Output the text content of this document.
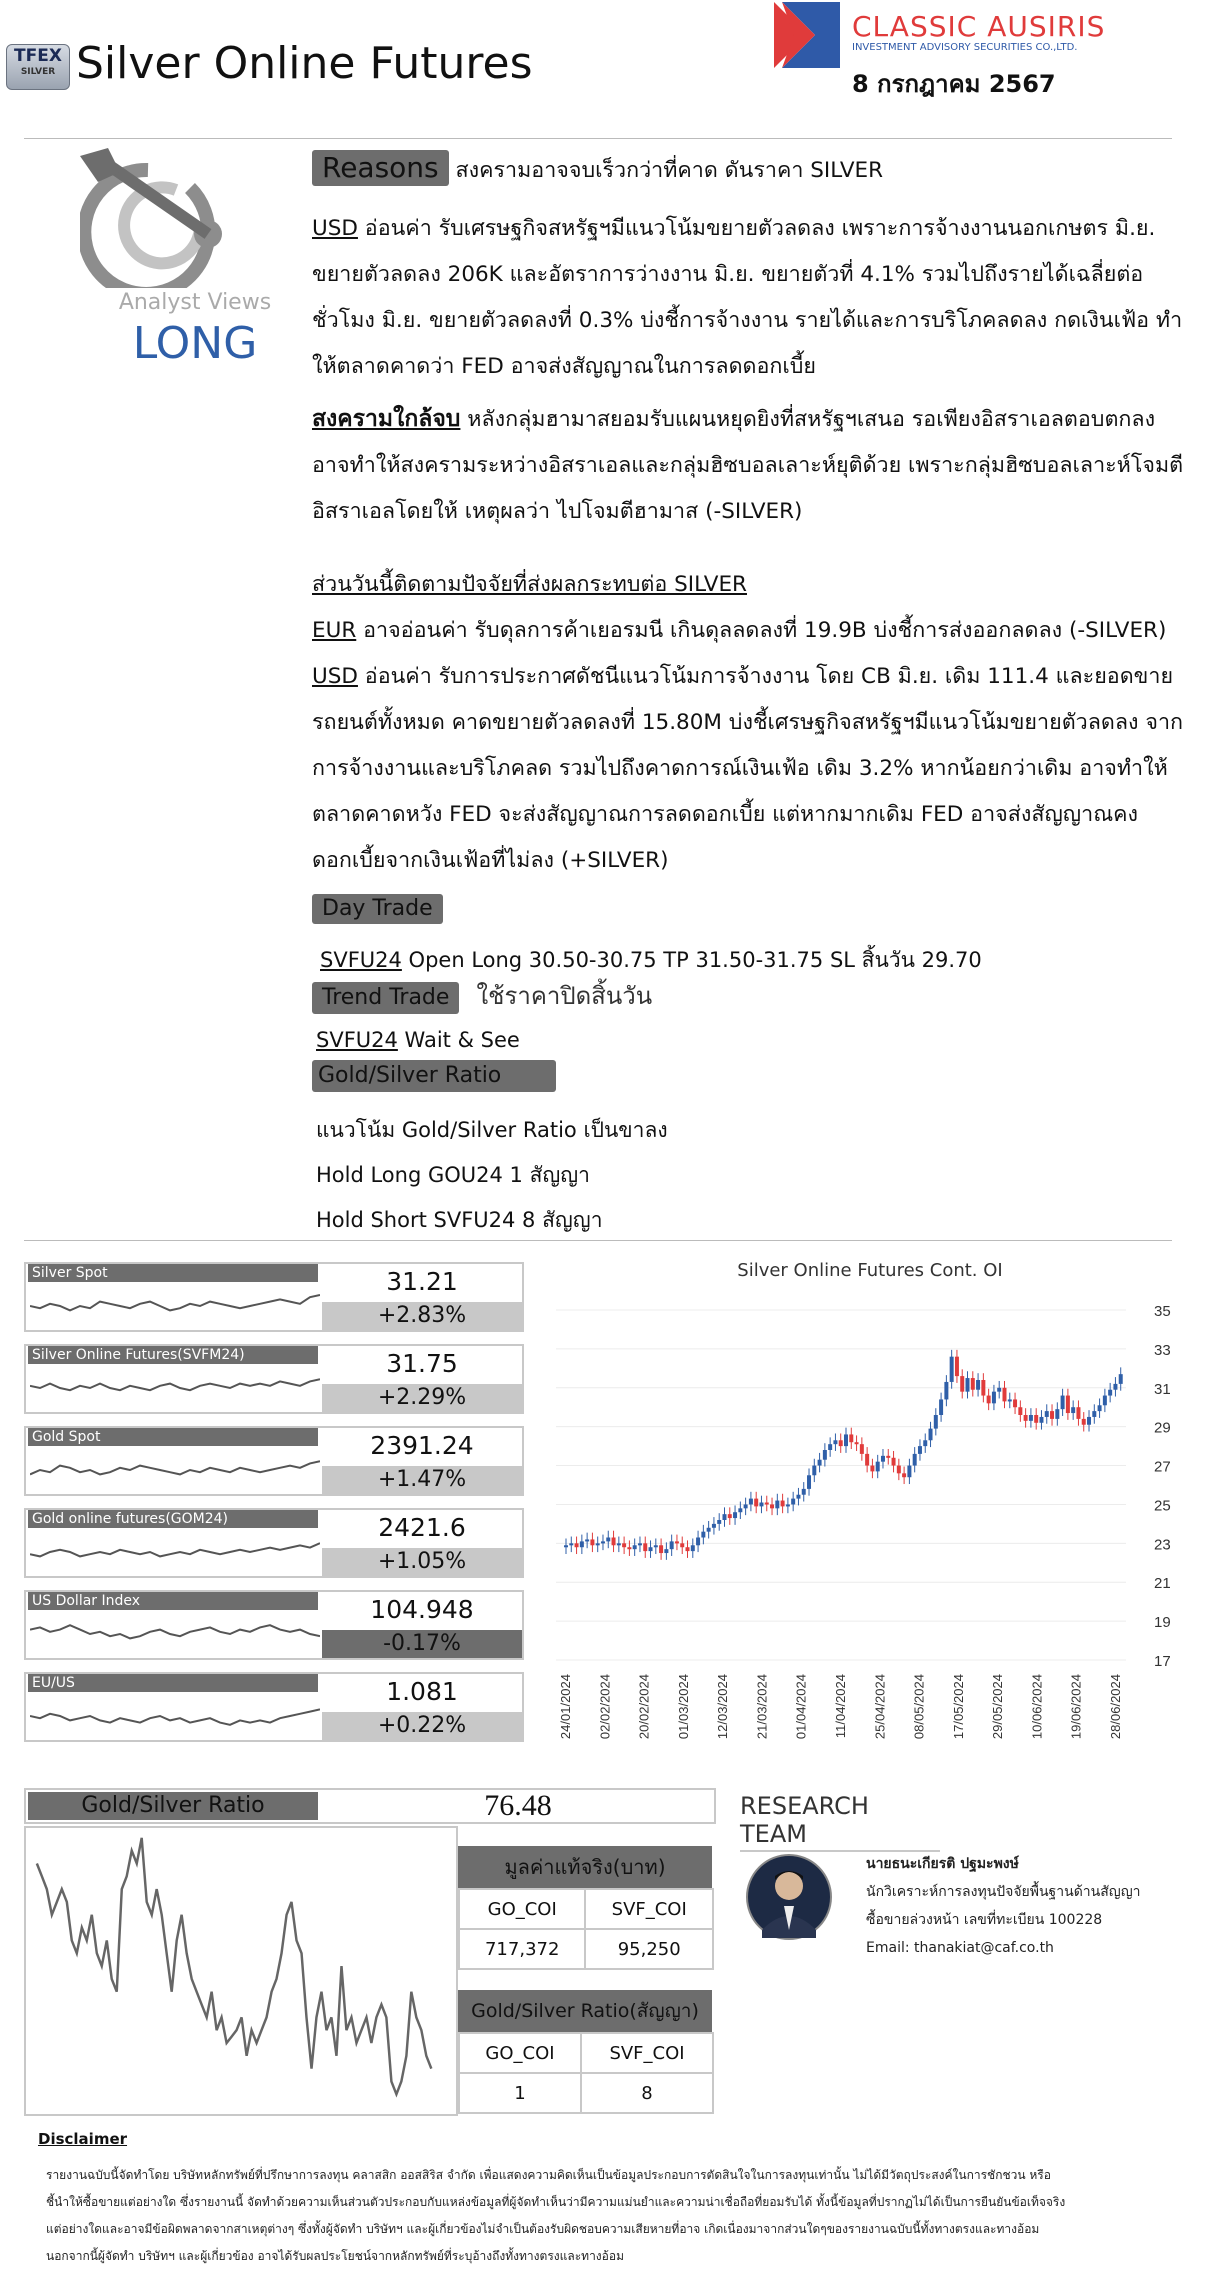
TFEX
SILVER Silver Online Futures
CLASSIC AUSIRIS
INVESTMENT ADVISORY SECURITIES CO.,LTD.
8 กรกฎาคม 2567
Analyst Views
LONG
Reasons สงครามอาจจบเร็วกว่าที่คาด ดันราคา SILVER
USD อ่อนค่า รับเศรษฐกิจสหรัฐฯมีแนวโน้มขยายตัวลดลง เพราะการจ้างงานนอกเกษตร มิ.ย.
ขยายตัวลดลง 206K และอัตราการว่างงาน มิ.ย. ขยายตัวที่ 4.1% รวมไปถึงรายได้เฉลี่ยต่อ
ชั่วโมง มิ.ย. ขยายตัวลดลงที่ 0.3% บ่งชี้การจ้างงาน รายได้และการบริโภคลดลง กดเงินเฟ้อ ทำ
ให้ตลาดคาดว่า FED อาจส่งสัญญาณในการลดดอกเบี้ย
สงครามใกล้จบ หลังกลุ่มฮามาสยอมรับแผนหยุดยิงที่สหรัฐฯเสนอ รอเพียงอิสราเอลตอบตกลง
อาจทำให้สงครามระหว่างอิสราเอลและกลุ่มฮิซบอลเลาะห์ยุติด้วย เพราะกลุ่มฮิซบอลเลาะห์โจมตี
อิสราเอลโดยให้ เหตุผลว่า ไปโจมตีฮามาส (-SILVER)
ส่วนวันนี้ติดตามปัจจัยที่ส่งผลกระทบต่อ SILVER
EUR อาจอ่อนค่า รับดุลการค้าเยอรมนี เกินดุลลดลงที่ 19.9B บ่งชี้การส่งออกลดลง (-SILVER)
USD อ่อนค่า รับการประกาศดัชนีแนวโน้มการจ้างงาน โดย CB มิ.ย. เดิม 111.4 และยอดขาย
รถยนต์ทั้งหมด คาดขยายตัวลดลงที่ 15.80M บ่งชี้เศรษฐกิจสหรัฐฯมีแนวโน้มขยายตัวลดลง จาก
การจ้างงานและบริโภคลด รวมไปถึงคาดการณ์เงินเฟ้อ เดิม 3.2% หากน้อยกว่าเดิม อาจทำให้
ตลาดคาดหวัง FED จะส่งสัญญาณการลดดอกเบี้ย แต่หากมากเดิม FED อาจส่งสัญญาณคง
ดอกเบี้ยจากเงินเฟ้อที่ไม่ลง (+SILVER)
Day Trade
SVFU24 Open Long 30.50-30.75 TP 31.50-31.75 SL สิ้นวัน 29.70
Trend Trade ใช้ราคาปิดสิ้นวัน
SVFU24 Wait & See
Gold/Silver Ratio
แนวโน้ม Gold/Silver Ratio เป็นขาลง
Hold Long GOU24 1 สัญญา
Hold Short SVFU24 8 สัญญา
Silver Spot	31.21
+2.83%
Silver Online Futures(SVFM24)	31.75
+2.29%
Gold Spot	2391.24
+1.47%
Gold online futures(GOM24)	2421.6
+1.05%
US Dollar Index	104.948
-0.17%
EU/US	1.081
+0.22%
Silver Online Futures Cont. OI
17
19
21
23
25
27
29
31
33
35
24/01/2024 02/02/2024 20/02/2024 01/03/2024 12/03/2024 21/03/2024 01/04/2024 11/04/2024 25/04/2024 08/05/2024 17/05/2024 29/05/2024 10/06/2024 19/06/2024 28/06/2024
Gold/Silver Ratio	76.48
มูลค่าแท้จริง(บาท)
GO_COI	SVF_COI
717,372	95,250
Gold/Silver Ratio(สัญญา)
GO_COI	SVF_COI
1	8
RESEARCH TEAM
นายธนะเกียรติ ปฐมะพงษ์
นักวิเคราะห์การลงทุนปัจจัยพื้นฐานด้านสัญญา
ซื้อขายล่วงหน้า เลขที่ทะเบียน 100228
Email: thanakiat@caf.co.th
Disclaimer
รายงานฉบับนี้จัดทำโดย บริษัทหลักทรัพย์ที่ปรึกษาการลงทุน คลาสสิก ออสสิริส จำกัด เพื่อแสดงความคิดเห็นเป็นข้อมูลประกอบการตัดสินใจในการลงทุนเท่านั้น ไม่ได้มีวัตถุประสงค์ในการชักชวน หรือ
ชี้นำให้ซื้อขายแต่อย่างใด ซึ่งรายงานนี้ จัดทำด้วยความเห็นส่วนตัวประกอบกับแหล่งข้อมูลที่ผู้จัดทำเห็นว่ามีความแม่นยำและความน่าเชื่อถือที่ยอมรับได้ ทั้งนี้ข้อมูลที่ปรากฏไม่ได้เป็นการยืนยันข้อเท็จจริง
แต่อย่างใดและอาจมีข้อผิดพลาดจากสาเหตุต่างๆ ซึ่งทั้งผู้จัดทำ บริษัทฯ และผู้เกี่ยวข้องไม่จำเป็นต้องรับผิดชอบความเสียหายที่อาจ เกิดเนื่องมาจากส่วนใดๆของรายงานฉบับนี้ทั้งทางตรงและทางอ้อม
นอกจากนี้ผู้จัดทำ บริษัทฯ และผู้เกี่ยวข้อง อาจได้รับผลประโยชน์จากหลักทรัพย์ที่ระบุอ้างถึงทั้งทางตรงและทางอ้อม
